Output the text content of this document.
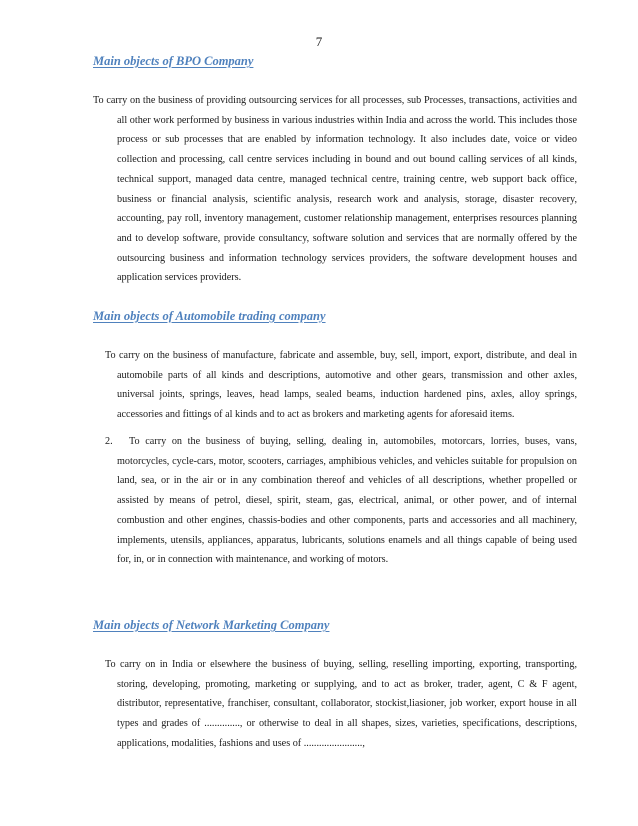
7
Main objects of BPO Company
To carry on the business of providing outsourcing services for all processes, sub Processes, transactions, activities and all other work performed by business in various industries within India and across the world. This includes those process or sub processes that are enabled by information technology. It also includes date, voice or video collection and processing, call centre services including in bound and out bound calling services of all kinds, technical support, managed data centre, managed technical centre, training centre, web support back office, business or financial analysis, scientific analysis, research work and analysis, storage, disaster recovery, accounting, pay roll, inventory management, customer relationship management, enterprises resources planning and to develop software, provide consultancy, software solution and services that are normally offered by the outsourcing business and information technology services providers, the software development houses and application services providers.
Main objects of Automobile trading company
To carry on the business of manufacture, fabricate and assemble, buy, sell, import, export, distribute, and deal in automobile parts of all kinds and descriptions, automotive and other gears, transmission and other axles, universal joints, springs, leaves, head lamps, sealed beams, induction hardened pins, axles, alloy springs, accessories and fittings of al kinds and to act as brokers and marketing agents for aforesaid items.
2. To carry on the business of buying, selling, dealing in, automobiles, motorcars, lorries, buses, vans, motorcycles, cycle-cars, motor, scooters, carriages, amphibious vehicles, and vehicles suitable for propulsion on land, sea, or in the air or in any combination thereof and vehicles of all descriptions, whether propelled or assisted by means of petrol, diesel, spirit, steam, gas, electrical, animal, or other power, and of internal combustion and other engines, chassis-bodies and other components, parts and accessories and all machinery, implements, utensils, appliances, apparatus, lubricants, solutions enamels and all things capable of being used for, in, or in connection with maintenance, and working of motors.
Main objects of Network Marketing Company
To carry on in India or elsewhere the business of buying, selling, reselling importing, exporting, transporting, storing, developing, promoting, marketing or supplying, and to act as broker, trader, agent, C & F agent, distributor, representative, franchiser, consultant, collaborator, stockist,liasioner, job worker, export house in all types and grades of .............., or otherwise to deal in all shapes, sizes, varieties, specifications, descriptions, applications, modalities, fashions and uses of .......................,
